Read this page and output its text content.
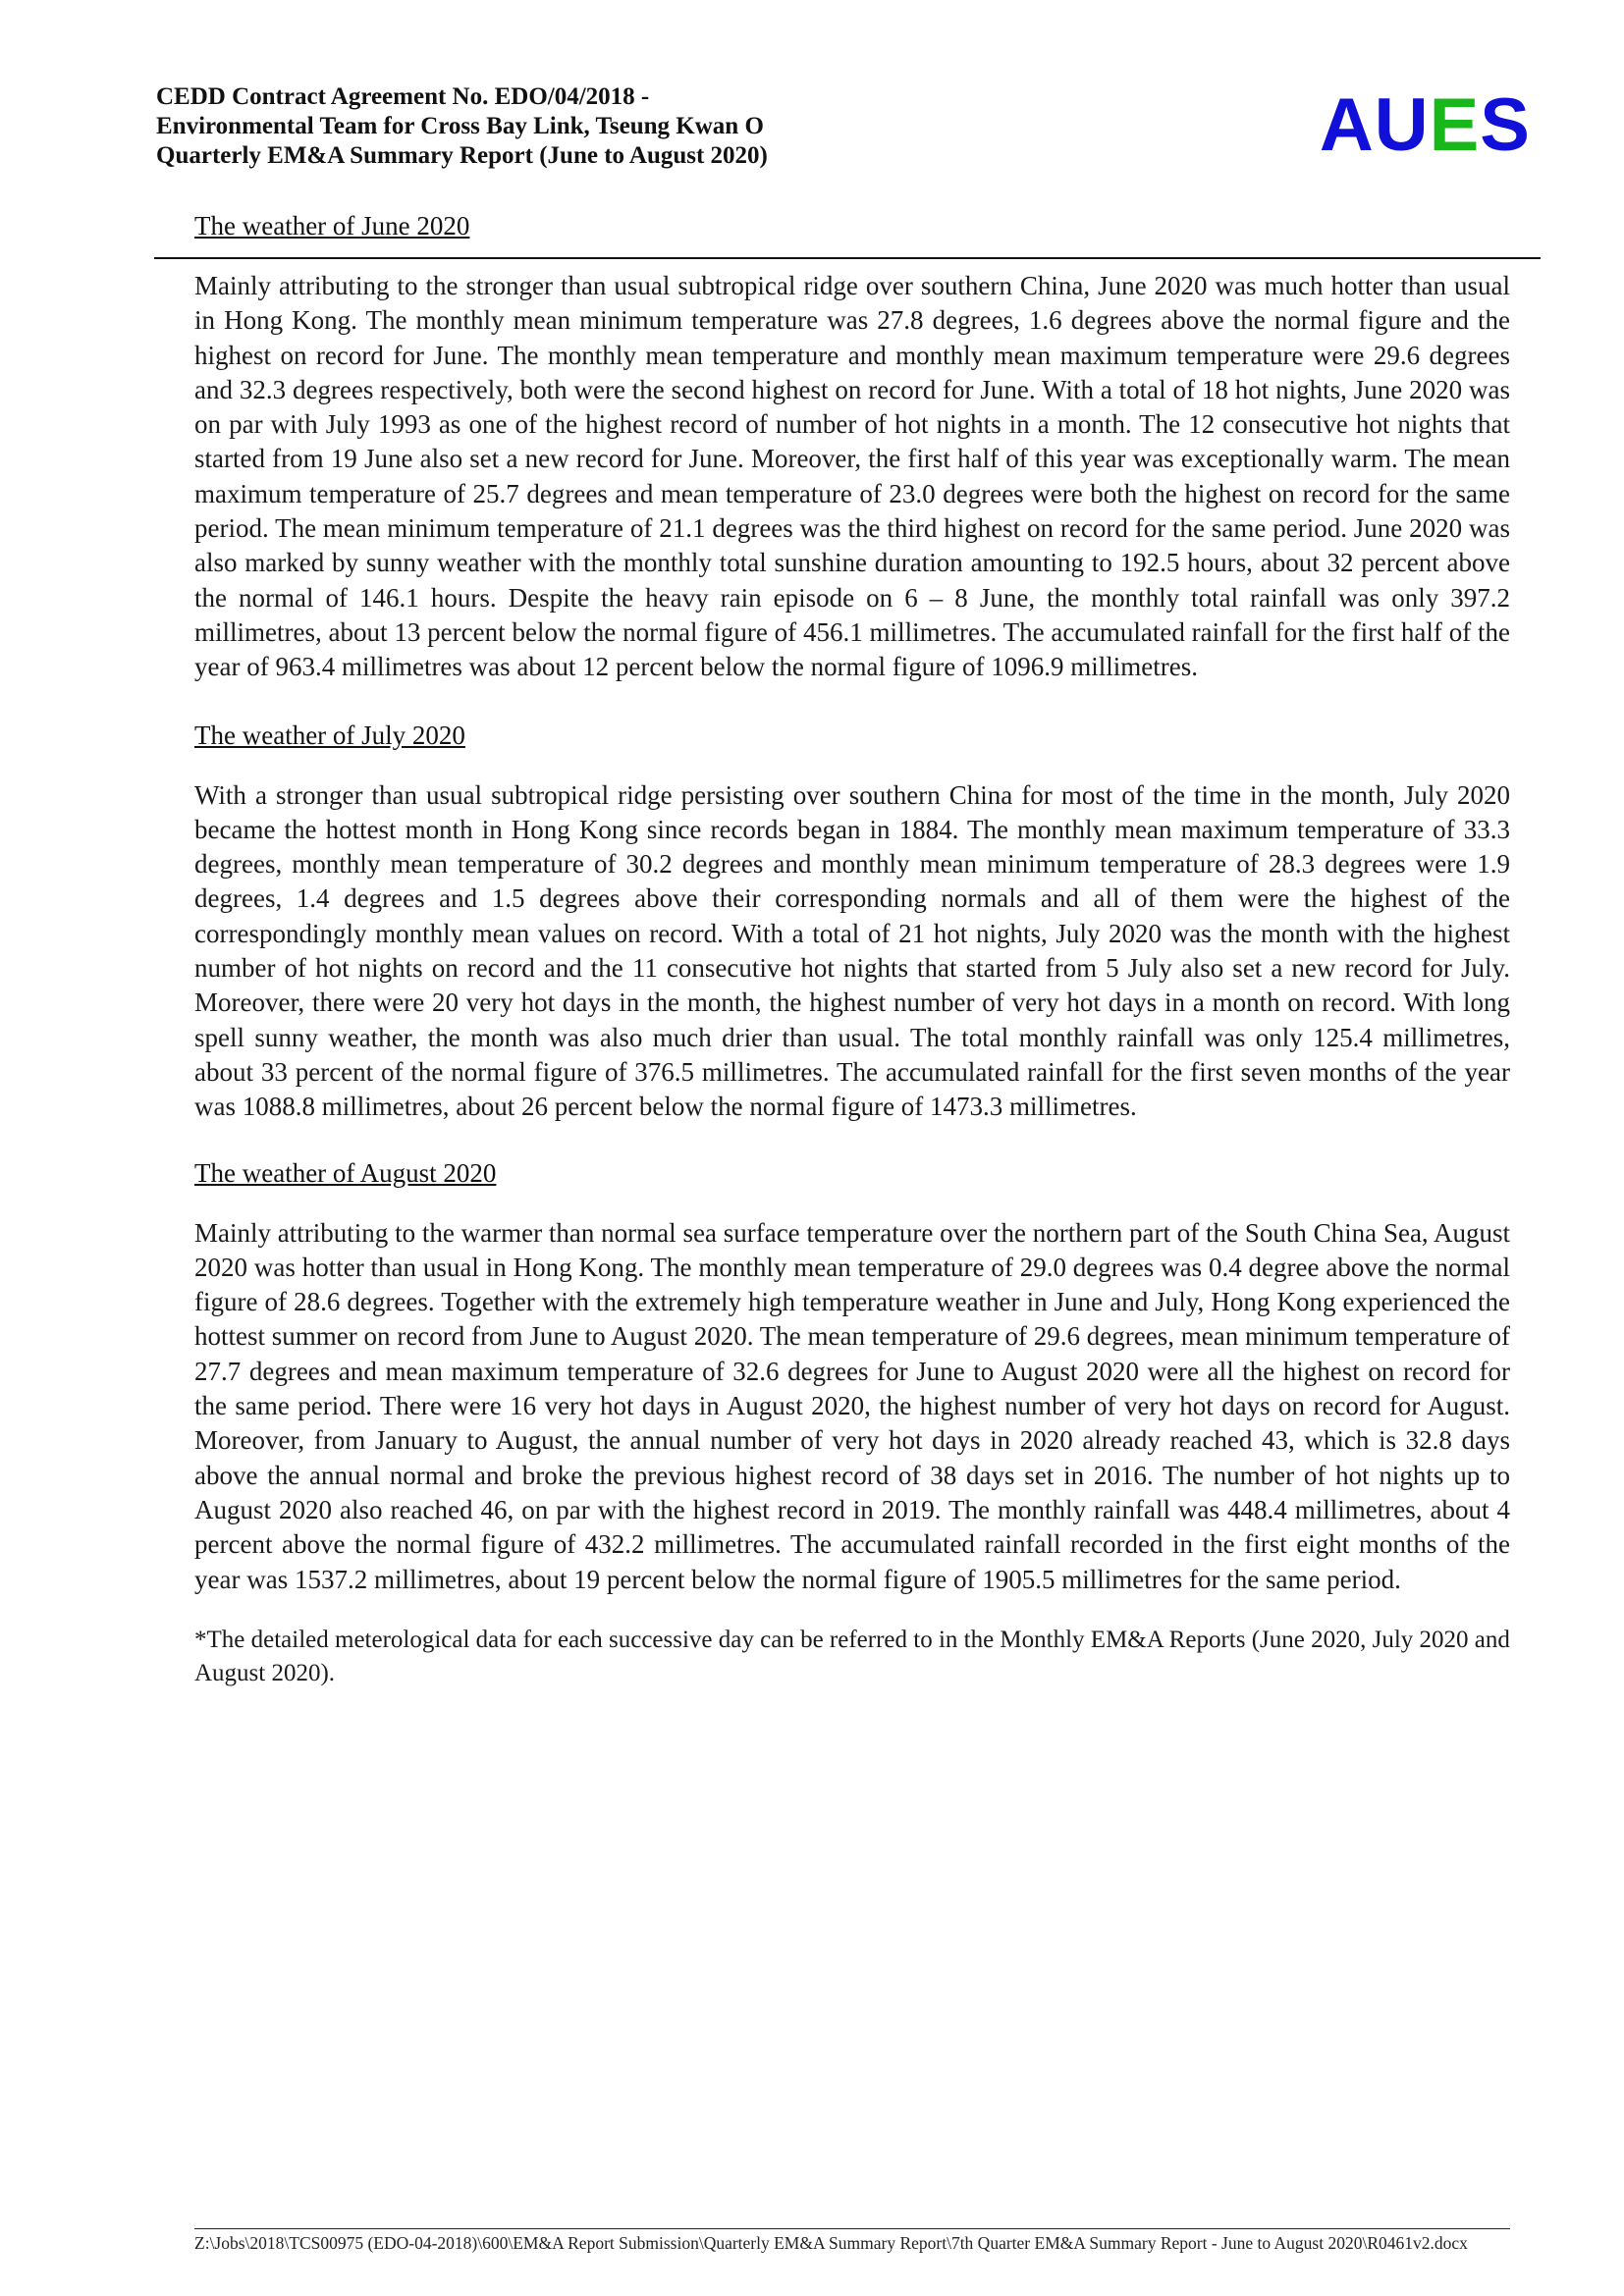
CEDD Contract Agreement No. EDO/04/2018 -
Environmental Team for Cross Bay Link, Tseung Kwan O
Quarterly EM&A Summary Report (June to August 2020)	AUES
The weather of June 2020
Mainly attributing to the stronger than usual subtropical ridge over southern China, June 2020 was much hotter than usual in Hong Kong. The monthly mean minimum temperature was 27.8 degrees, 1.6 degrees above the normal figure and the highest on record for June. The monthly mean temperature and monthly mean maximum temperature were 29.6 degrees and 32.3 degrees respectively, both were the second highest on record for June. With a total of 18 hot nights, June 2020 was on par with July 1993 as one of the highest record of number of hot nights in a month. The 12 consecutive hot nights that started from 19 June also set a new record for June. Moreover, the first half of this year was exceptionally warm. The mean maximum temperature of 25.7 degrees and mean temperature of 23.0 degrees were both the highest on record for the same period. The mean minimum temperature of 21.1 degrees was the third highest on record for the same period. June 2020 was also marked by sunny weather with the monthly total sunshine duration amounting to 192.5 hours, about 32 percent above the normal of 146.1 hours. Despite the heavy rain episode on 6 – 8 June, the monthly total rainfall was only 397.2 millimetres, about 13 percent below the normal figure of 456.1 millimetres. The accumulated rainfall for the first half of the year of 963.4 millimetres was about 12 percent below the normal figure of 1096.9 millimetres.
The weather of July 2020
With a stronger than usual subtropical ridge persisting over southern China for most of the time in the month, July 2020 became the hottest month in Hong Kong since records began in 1884. The monthly mean maximum temperature of 33.3 degrees, monthly mean temperature of 30.2 degrees and monthly mean minimum temperature of 28.3 degrees were 1.9 degrees, 1.4 degrees and 1.5 degrees above their corresponding normals and all of them were the highest of the correspondingly monthly mean values on record. With a total of 21 hot nights, July 2020 was the month with the highest number of hot nights on record and the 11 consecutive hot nights that started from 5 July also set a new record for July. Moreover, there were 20 very hot days in the month, the highest number of very hot days in a month on record. With long spell sunny weather, the month was also much drier than usual. The total monthly rainfall was only 125.4 millimetres, about 33 percent of the normal figure of 376.5 millimetres. The accumulated rainfall for the first seven months of the year was 1088.8 millimetres, about 26 percent below the normal figure of 1473.3 millimetres.
The weather of August 2020
Mainly attributing to the warmer than normal sea surface temperature over the northern part of the South China Sea, August 2020 was hotter than usual in Hong Kong. The monthly mean temperature of 29.0 degrees was 0.4 degree above the normal figure of 28.6 degrees. Together with the extremely high temperature weather in June and July, Hong Kong experienced the hottest summer on record from June to August 2020. The mean temperature of 29.6 degrees, mean minimum temperature of 27.7 degrees and mean maximum temperature of 32.6 degrees for June to August 2020 were all the highest on record for the same period. There were 16 very hot days in August 2020, the highest number of very hot days on record for August. Moreover, from January to August, the annual number of very hot days in 2020 already reached 43, which is 32.8 days above the annual normal and broke the previous highest record of 38 days set in 2016. The number of hot nights up to August 2020 also reached 46, on par with the highest record in 2019. The monthly rainfall was 448.4 millimetres, about 4 percent above the normal figure of 432.2 millimetres. The accumulated rainfall recorded in the first eight months of the year was 1537.2 millimetres, about 19 percent below the normal figure of 1905.5 millimetres for the same period.
*The detailed meterological data for each successive day can be referred to in the Monthly EM&A Reports (June 2020, July 2020 and August 2020).
Z:\Jobs\2018\TCS00975 (EDO-04-2018)\600\EM&A Report Submission\Quarterly EM&A Summary Report\7th Quarter EM&A Summary Report - June to August 2020\R0461v2.docx
